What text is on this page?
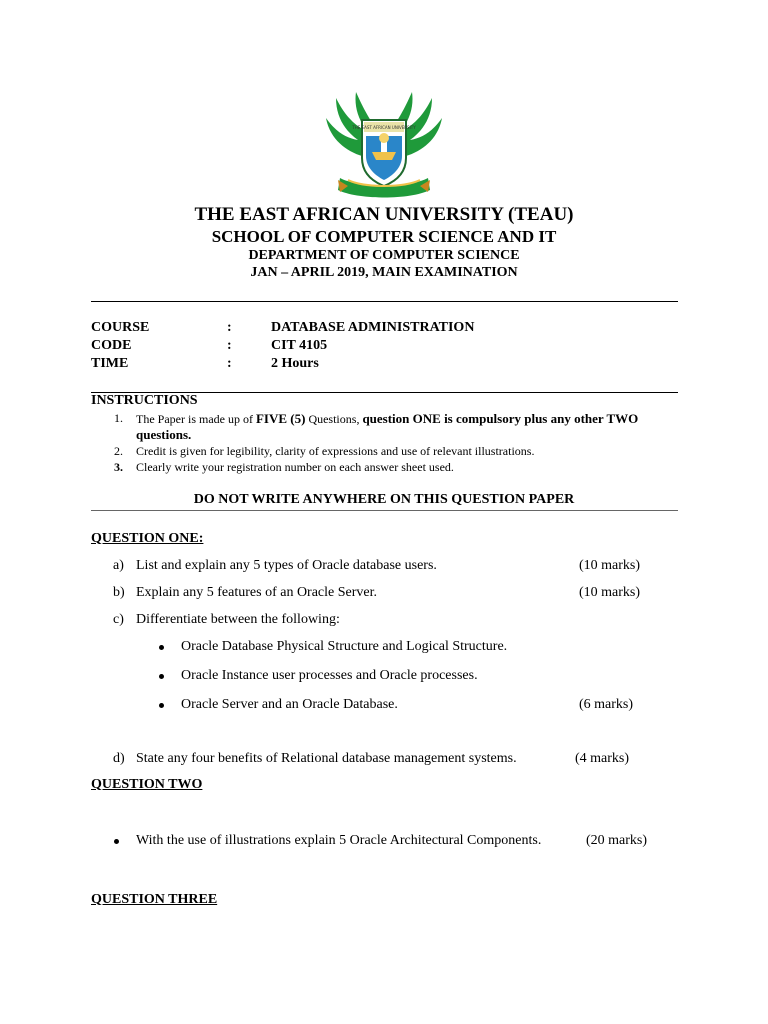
THE EAST AFRICAN UNIVERSITY
THE EAST AFRICAN UNIVERSITY (TEAU)
SCHOOL OF COMPUTER SCIENCE AND IT
DEPARTMENT OF COMPUTER SCIENCE
JAN – APRIL 2019, MAIN EXAMINATION
COURSE	:	DATABASE ADMINISTRATION
CODE	:	CIT 4105
TIME	:	2 Hours
INSTRUCTIONS
1. The Paper is made up of FIVE (5) Questions, question ONE is compulsory plus any other TWO questions.
2. Credit is given for legibility, clarity of expressions and use of relevant illustrations.
3. Clearly write your registration number on each answer sheet used.
DO NOT WRITE ANYWHERE ON THIS QUESTION PAPER
QUESTION ONE:
a) List and explain any 5 types of Oracle database users.	(10 marks)
b) Explain any 5 features of an Oracle Server.	(10 marks)
c) Differentiate between the following:
Oracle Database Physical Structure and Logical Structure.
Oracle Instance user processes and Oracle processes.
Oracle Server and an Oracle Database.	(6 marks)
d) State any four benefits of Relational database management systems.	(4 marks)
QUESTION TWO
With the use of illustrations explain 5 Oracle Architectural Components.	(20 marks)
QUESTION THREE
